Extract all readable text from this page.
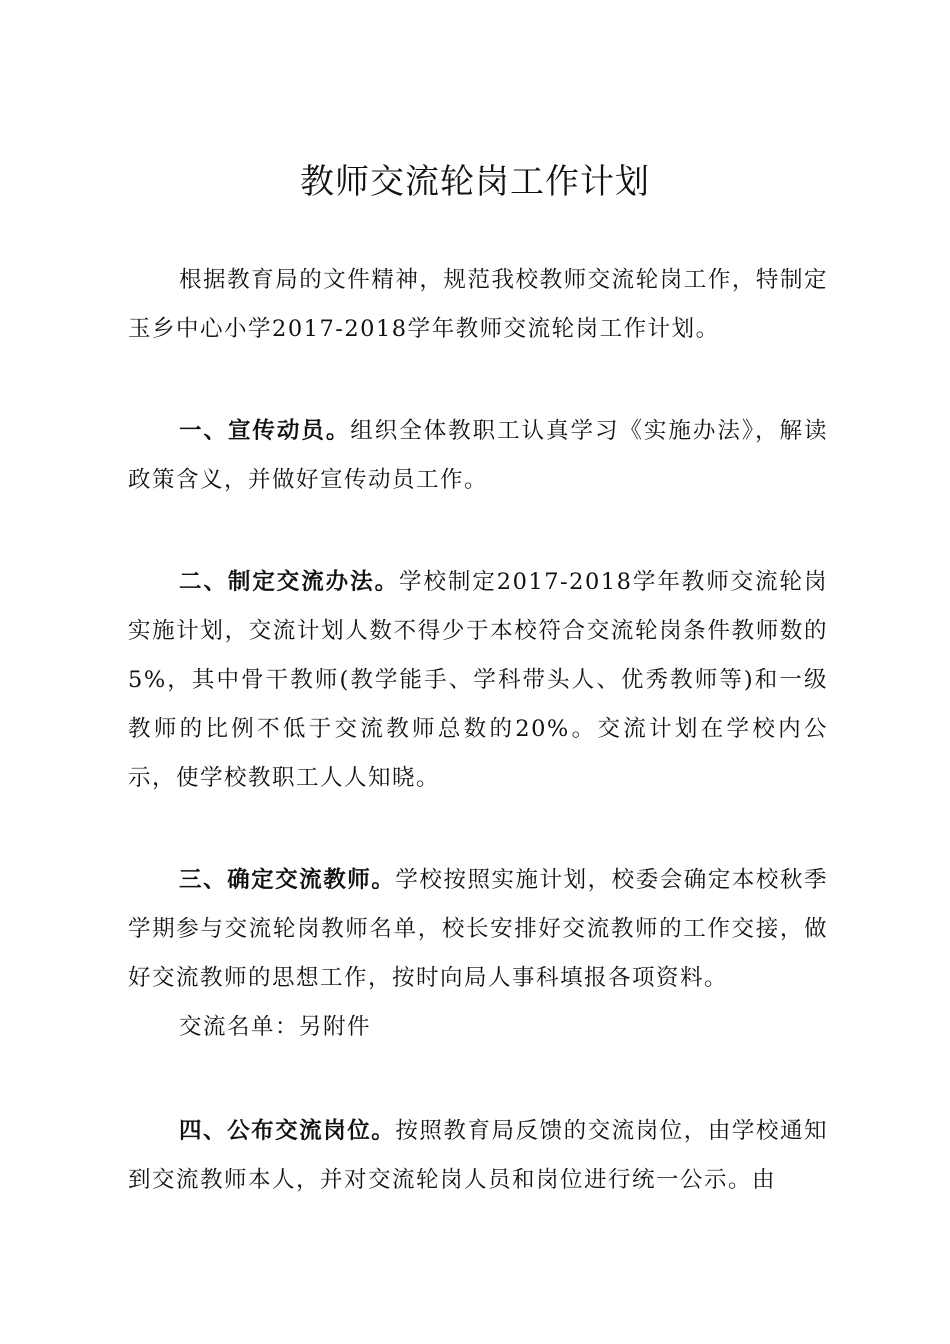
教师交流轮岗工作计划

根据教育局的文件精神，规范我校教师交流轮岗工作，特制定玉乡中心小学2017-2018学年教师交流轮岗工作计划。

一、宣传动员。组织全体教职工认真学习《实施办法》，解读政策含义，并做好宣传动员工作。

二、制定交流办法。学校制定2017-2018学年教师交流轮岗实施计划，交流计划人数不得少于本校符合交流轮岗条件教师数的5%，其中骨干教师(教学能手、学科带头人、优秀教师等)和一级教师的比例不低于交流教师总数的20%。交流计划在学校内公示，使学校教职工人人知晓。

三、确定交流教师。学校按照实施计划，校委会确定本校秋季学期参与交流轮岗教师名单，校长安排好交流教师的工作交接，做好交流教师的思想工作，按时向局人事科填报各项资料。

交流名单：另附件

四、公布交流岗位。按照教育局反馈的交流岗位，由学校通知到交流教师本人，并对交流轮岗人员和岗位进行统一公示。由
